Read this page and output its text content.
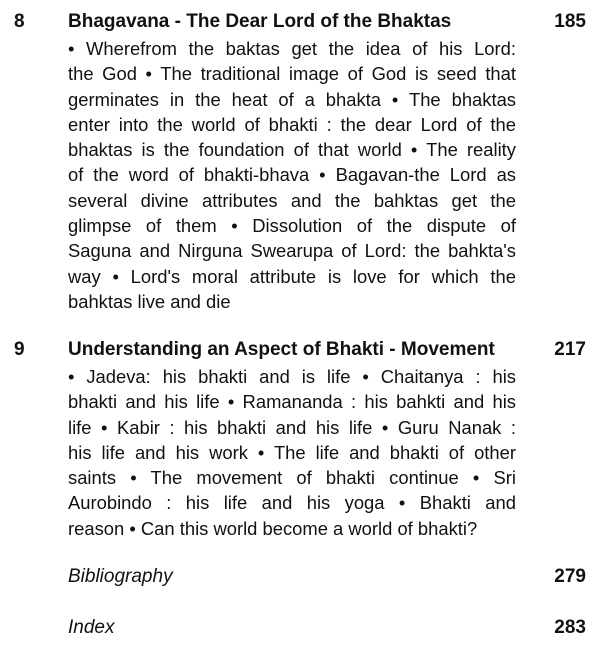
8 Bhagavana - The Dear Lord of the Bhaktas	185
• Wherefrom the baktas get the idea of his Lord:
the God • The traditional image of God is seed that
germinates in the heat of a bhakta • The bhaktas
enter into the world of bhakti : the dear Lord of the
bhaktas is the foundation of that world • The reality
of the word of bhakti-bhava • Bagavan-the Lord as
several divine attributes and the bahktas get the
glimpse of them • Dissolution of the dispute of
Saguna and Nirguna Swearupa of Lord: the bahkta's
way • Lord's moral attribute is love for which the
bahktas live and die
9 Understanding an Aspect of Bhakti - Movement	217
• Jadeva: his bhakti and is life • Chaitanya : his
bhakti and his life • Ramananda : his bahkti and his
life • Kabir : his bhakti and his life • Guru Nanak :
his life and his work • The life and bhakti of other
saints • The movement of bhakti continue • Sri
Aurobindo : his life and his yoga • Bhakti and
reason • Can this world become a world of bhakti?
Bibliography	279
Index	283
